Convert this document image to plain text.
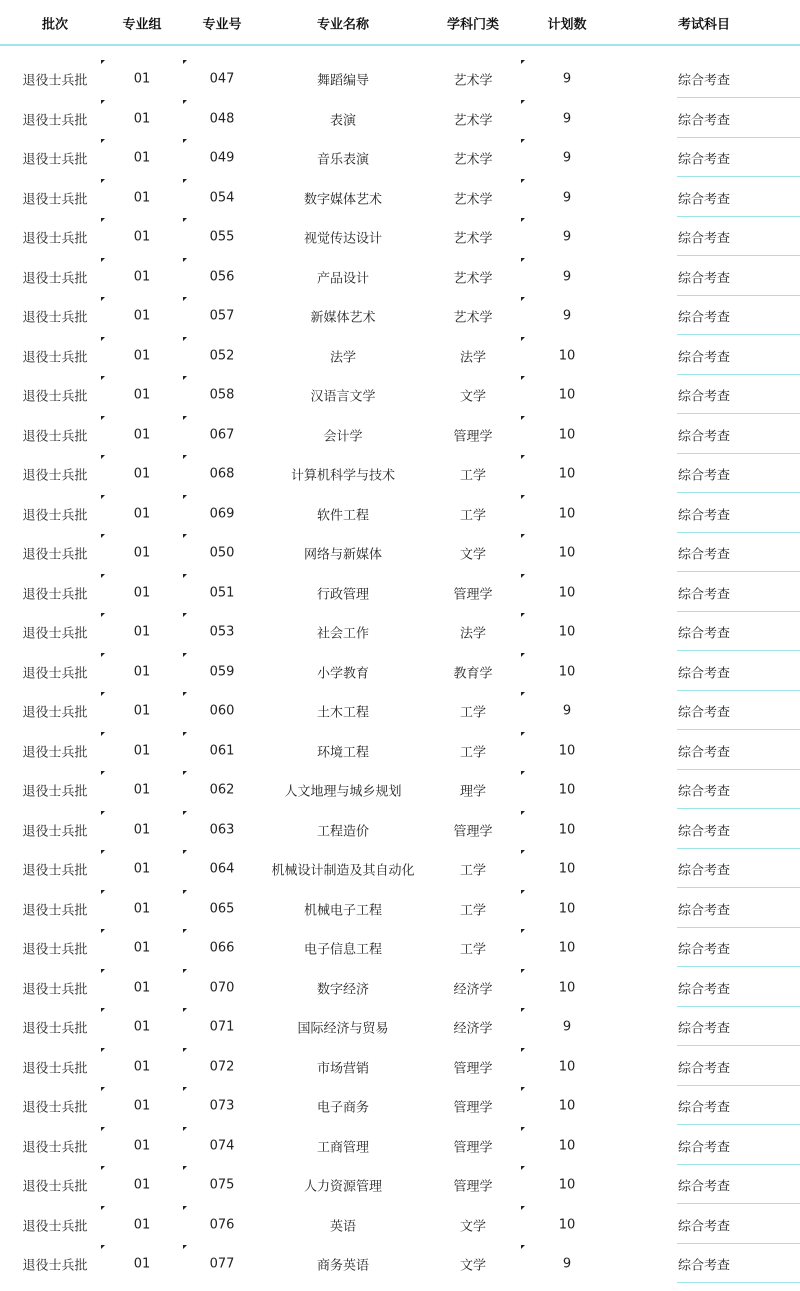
批次	专业组	专业号	专业名称	学科门类	计划数	考试科目
退役士兵批	01	047	舞蹈编导	艺术学	9	综合考查
退役士兵批	01	048	表演	艺术学	9	综合考查
退役士兵批	01	049	音乐表演	艺术学	9	综合考查
退役士兵批	01	054	数字媒体艺术	艺术学	9	综合考查
退役士兵批	01	055	视觉传达设计	艺术学	9	综合考查
退役士兵批	01	056	产品设计	艺术学	9	综合考查
退役士兵批	01	057	新媒体艺术	艺术学	9	综合考查
退役士兵批	01	052	法学	法学	10	综合考查
退役士兵批	01	058	汉语言文学	文学	10	综合考查
退役士兵批	01	067	会计学	管理学	10	综合考查
退役士兵批	01	068	计算机科学与技术	工学	10	综合考查
退役士兵批	01	069	软件工程	工学	10	综合考查
退役士兵批	01	050	网络与新媒体	文学	10	综合考查
退役士兵批	01	051	行政管理	管理学	10	综合考查
退役士兵批	01	053	社会工作	法学	10	综合考查
退役士兵批	01	059	小学教育	教育学	10	综合考查
退役士兵批	01	060	土木工程	工学	9	综合考查
退役士兵批	01	061	环境工程	工学	10	综合考查
退役士兵批	01	062	人文地理与城乡规划	理学	10	综合考查
退役士兵批	01	063	工程造价	管理学	10	综合考查
退役士兵批	01	064	机械设计制造及其自动化	工学	10	综合考查
退役士兵批	01	065	机械电子工程	工学	10	综合考查
退役士兵批	01	066	电子信息工程	工学	10	综合考查
退役士兵批	01	070	数字经济	经济学	10	综合考查
退役士兵批	01	071	国际经济与贸易	经济学	9	综合考查
退役士兵批	01	072	市场营销	管理学	10	综合考查
退役士兵批	01	073	电子商务	管理学	10	综合考查
退役士兵批	01	074	工商管理	管理学	10	综合考查
退役士兵批	01	075	人力资源管理	管理学	10	综合考查
退役士兵批	01	076	英语	文学	10	综合考查
退役士兵批	01	077	商务英语	文学	9	综合考查
